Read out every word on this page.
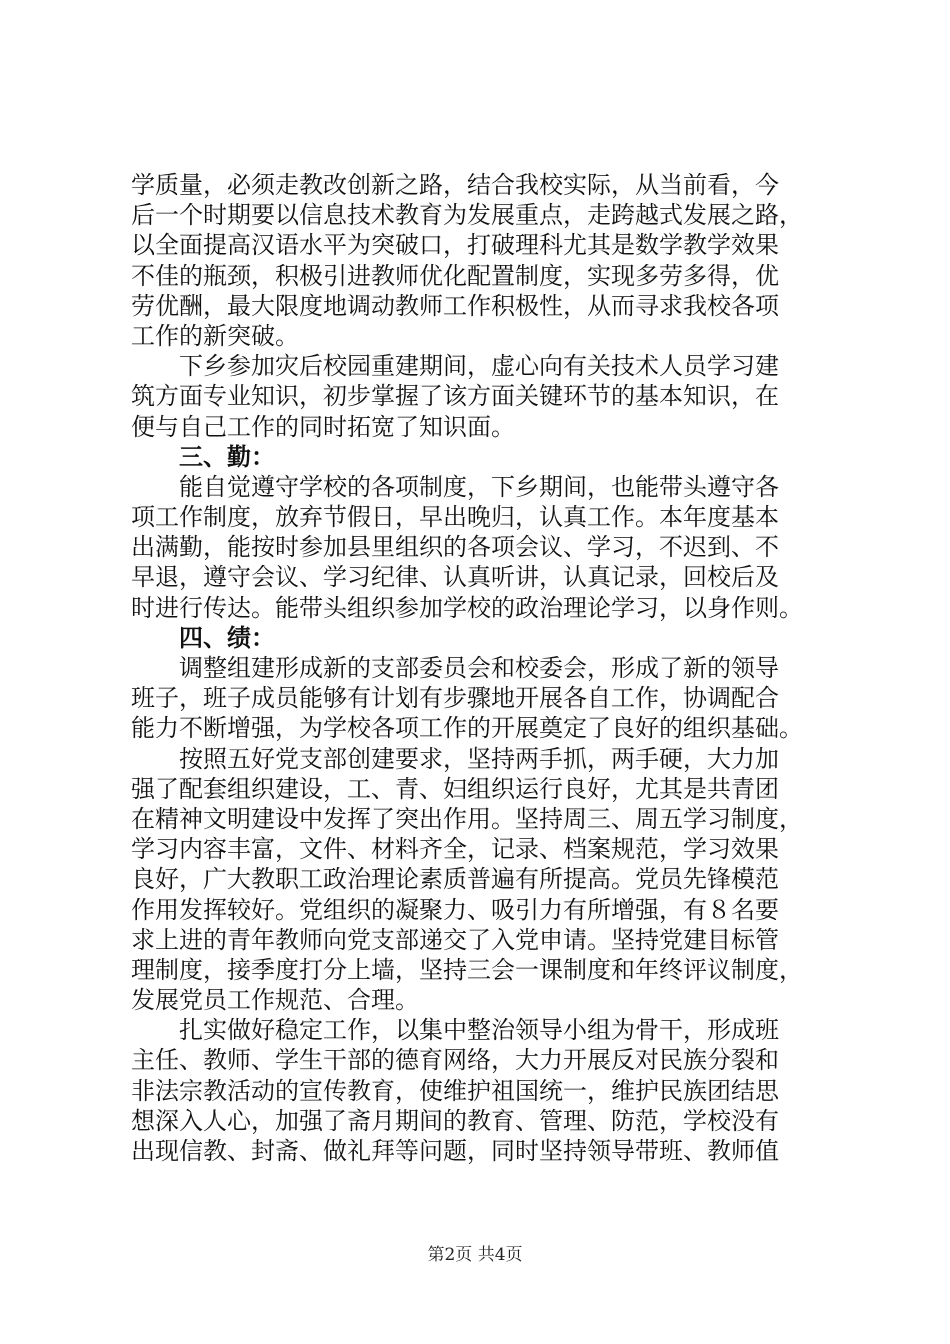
学质量，必须走教改创新之路，结合我校实际，从当前看，今
后一个时期要以信息技术教育为发展重点，走跨越式发展之路，
以全面提高汉语水平为突破口，打破理科尤其是数学教学效果
不佳的瓶颈，积极引进教师优化配置制度，实现多劳多得，优
劳优酬，最大限度地调动教师工作积极性，从而寻求我校各项
工作的新突破。
下乡参加灾后校园重建期间，虚心向有关技术人员学习建
筑方面专业知识，初步掌握了该方面关键环节的基本知识，在
便与自己工作的同时拓宽了知识面。
三、勤：
能自觉遵守学校的各项制度，下乡期间，也能带头遵守各
项工作制度，放弃节假日，早出晚归，认真工作。本年度基本
出满勤，能按时参加县里组织的各项会议、学习，不迟到、不
早退，遵守会议、学习纪律、认真听讲，认真记录，回校后及
时进行传达。能带头组织参加学校的政治理论学习，以身作则。
四、绩：
调整组建形成新的支部委员会和校委会，形成了新的领导
班子，班子成员能够有计划有步骤地开展各自工作，协调配合
能力不断增强，为学校各项工作的开展奠定了良好的组织基础。
按照五好党支部创建要求，坚持两手抓，两手硬，大力加
强了配套组织建设，工、青、妇组织运行良好，尤其是共青团
在精神文明建设中发挥了突出作用。坚持周三、周五学习制度，
学习内容丰富，文件、材料齐全，记录、档案规范，学习效果
良好，广大教职工政治理论素质普遍有所提高。党员先锋模范
作用发挥较好。党组织的凝聚力、吸引力有所增强，有８名要
求上进的青年教师向党支部递交了入党申请。坚持党建目标管
理制度，接季度打分上墙，坚持三会一课制度和年终评议制度，
发展党员工作规范、合理。
扎实做好稳定工作，以集中整治领导小组为骨干，形成班
主任、教师、学生干部的德育网络，大力开展反对民族分裂和
非法宗教活动的宣传教育，使维护祖国统一，维护民族团结思
想深入人心，加强了斋月期间的教育、管理、防范，学校没有
出现信教、封斋、做礼拜等问题，同时坚持领导带班、教师值
第2页 共4页
